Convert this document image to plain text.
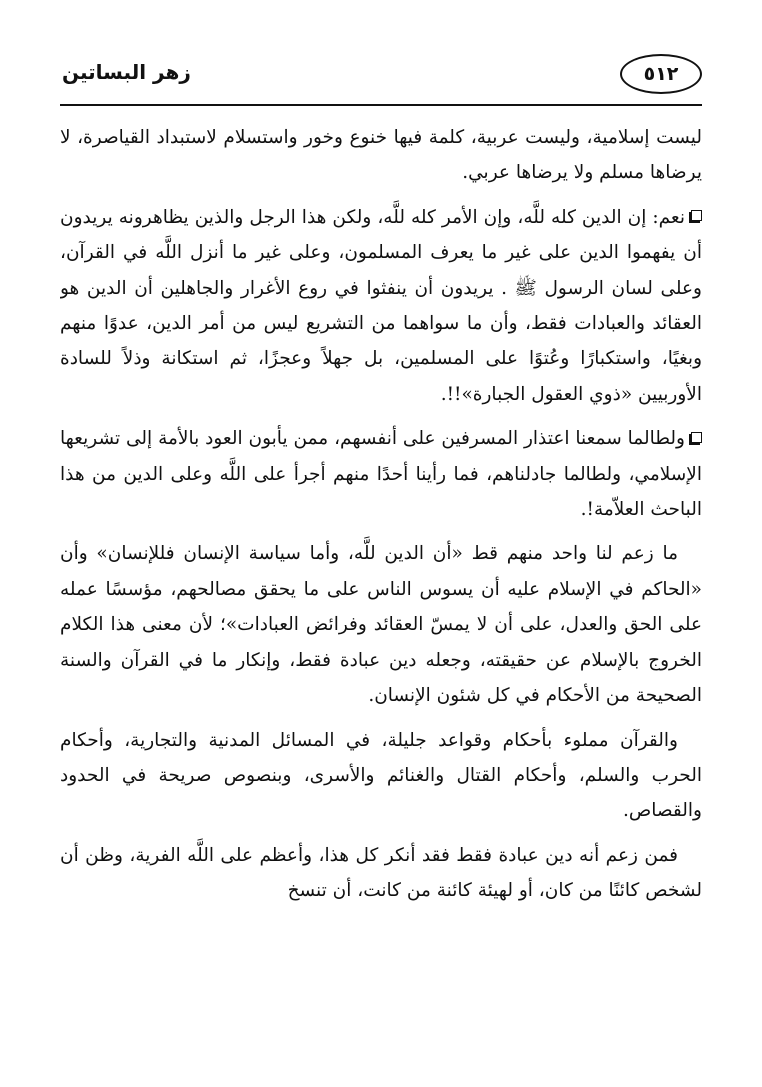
٥١٢
زهر البساتين

ليست إسلامية، وليست عربية، كلمة فيها خنوع وخور واستسلام لاستبداد القياصرة، لا يرضاها مسلم ولا يرضاها عربي.

نعم: إن الدين كله للَّه، وإن الأمر كله للَّه، ولكن هذا الرجل والذين يظاهرونه يريدون أن يفهموا الدين على غير ما يعرف المسلمون، وعلى غير ما أنزل اللَّه في القرآن، وعلى لسان الرسول ﷺ . يريدون أن ينفثوا في روع الأغرار والجاهلين أن الدين هو العقائد والعبادات فقط، وأن ما سواهما من التشريع ليس من أمر الدين، عدوًا منهم وبغيًا، واستكبارًا وعُتوًا على المسلمين، بل جهلاً وعجزًا، ثم استكانة وذلاً للسادة الأوربيين «ذوي العقول الجبارة»!!.

ولطالما سمعنا اعتذار المسرفين على أنفسهم، ممن يأبون العود بالأمة إلى تشريعها الإسلامي، ولطالما جادلناهم، فما رأينا أحدًا منهم أجرأ على اللَّه وعلى الدين من هذا الباحث العلاّمة!.

ما زعم لنا واحد منهم قط «أن الدين للَّه، وأما سياسة الإنسان فللإنسان» وأن «الحاكم في الإسلام عليه أن يسوس الناس على ما يحقق مصالحهم، مؤسسًا عمله على الحق والعدل، على أن لا يمسّ العقائد وفرائض العبادات»؛ لأن معنى هذا الكلام الخروج بالإسلام عن حقيقته، وجعله دين عبادة فقط، وإنكار ما في القرآن والسنة الصحيحة من الأحكام في كل شئون الإنسان.

والقرآن مملوء بأحكام وقواعد جليلة، في المسائل المدنية والتجارية، وأحكام الحرب والسلم، وأحكام القتال والغنائم والأسرى، وبنصوص صريحة في الحدود والقصاص.

فمن زعم أنه دين عبادة فقط فقد أنكر كل هذا، وأعظم على اللَّه الفرية، وظن أن لشخص كائنًا من كان، أو لهيئة كائنة من كانت، أن تنسخ
